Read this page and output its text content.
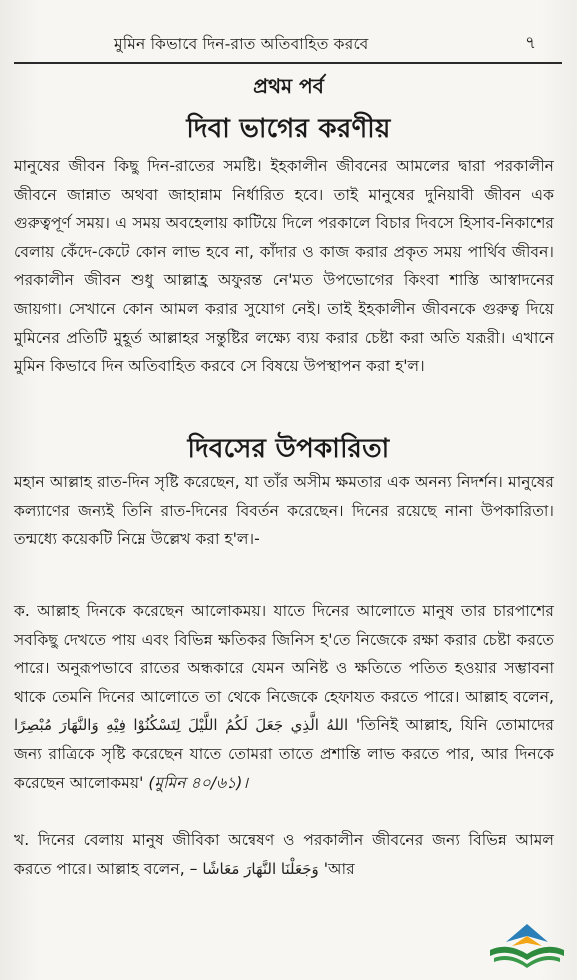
মুমিন কিভাবে দিন-রাত অতিবাহিত করবে	৭
প্রথম পর্ব
দিবা ভাগের করণীয়

মানুষের জীবন কিছু দিন-রাতের সমষ্টি। ইহকালীন জীবনের আমলের দ্বারা পরকালীন জীবনে জান্নাত অথবা জাহান্নাম নির্ধারিত হবে। তাই মানুষের দুনিয়াবী জীবন এক গুরুত্বপূর্ণ সময়। এ সময় অবহেলায় কাটিয়ে দিলে পরকালে বিচার দিবসে হিসাব-নিকাশের বেলায় কেঁদে-কেটে কোন লাভ হবে না, কাঁদার ও কাজ করার প্রকৃত সময় পার্থিব জীবন। পরকালীন জীবন শুধু আল্লাহ্র অফুরন্ত নে'মত উপভোগের কিংবা শাস্তি আস্বাদনের জায়গা। সেখানে কোন আমল করার সুযোগ নেই। তাই ইহকালীন জীবনকে গুরুত্ব দিয়ে মুমিনের প্রতিটি মুহূর্ত আল্লাহর সন্তুষ্টির লক্ষ্যে ব্যয় করার চেষ্টা করা অতি যরূরী। এখানে মুমিন কিভাবে দিন অতিবাহিত করবে সে বিষয়ে উপস্থাপন করা হ'ল।

দিবসের উপকারিতা

মহান আল্লাহ রাত-দিন সৃষ্টি করেছেন, যা তাঁর অসীম ক্ষমতার এক অনন্য নিদর্শন। মানুষের কল্যাণের জন্যই তিনি রাত-দিনের বিবর্তন করেছেন। দিনের রয়েছে নানা উপকারিতা। তন্মধ্যে কয়েকটি নিম্নে উল্লেখ করা হ'ল।-

ক. আল্লাহ দিনকে করেছেন আলোকময়। যাতে দিনের আলোতে মানুষ তার চারপাশের সবকিছু দেখতে পায় এবং বিভিন্ন ক্ষতিকর জিনিস হ'তে নিজেকে রক্ষা করার চেষ্টা করতে পারে। অনুরূপভাবে রাতের অন্ধকারে যেমন অনিষ্ট ও ক্ষতিতে পতিত হওয়ার সম্ভাবনা থাকে তেমনি দিনের আলোতে তা থেকে নিজেকে হেফাযত করতে পারে। আল্লাহ বলেন, اللهُ الَّذِي جَعَلَ لَكُمُ اللَّيْلَ لِتَسْكُنُوْا فِيْهِ وَالنَّهَارَ مُبْصِرًا 'তিনিই আল্লাহ, যিনি তোমাদের জন্য রাত্রিকে সৃষ্টি করেছেন যাতে তোমরা তাতে প্রশান্তি লাভ করতে পার, আর দিনকে করেছেন আলোকময়' (মুমিন ৪০/৬১)।

খ. দিনের বেলায় মানুষ জীবিকা অন্বেষণ ও পরকালীন জীবনের জন্য বিভিন্ন আমল করতে পারে। আল্লাহ বলেন, – وَجَعَلْنَا النَّهَارَ مَعَاشًا 'আর
